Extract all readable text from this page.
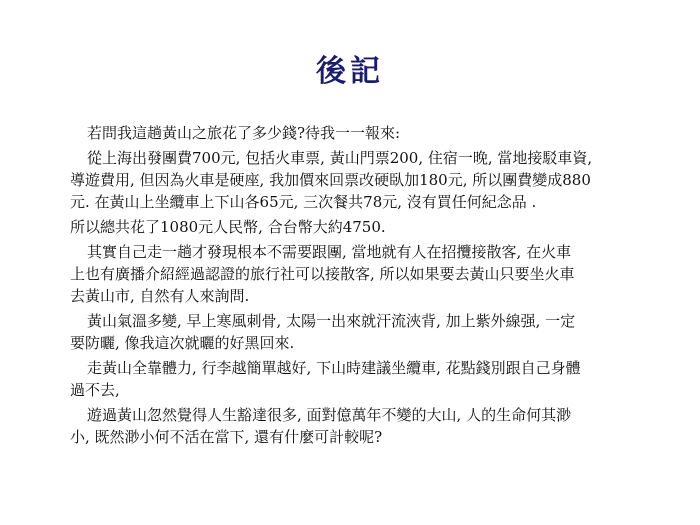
後記
若問我這趟黃山之旅花了多少錢?待我一一報來:
從上海出發團費700元, 包括火車票, 黃山門票200, 住宿一晚, 當地接駁車資,
導遊費用, 但因為火車是硬座, 我加價來回票改硬臥加180元, 所以團費變成880
元. 在黃山上坐纜車上下山各65元, 三次餐共78元, 沒有買任何紀念品 .
所以總共花了1080元人民幣, 合台幣大約4750.
其實自己走一趟才發現根本不需要跟團, 當地就有人在招攬接散客, 在火車
上也有廣播介紹經過認證的旅行社可以接散客, 所以如果要去黃山只要坐火車
去黃山市, 自然有人來詢問.
黃山氣溫多變, 早上寒風刺骨, 太陽一出來就汗流浹背, 加上紫外線强, 一定
要防曬, 像我這次就曬的好黑回來.
走黃山全靠體力, 行李越簡單越好, 下山時建議坐纜車, 花點錢別跟自己身體
過不去,
遊過黃山忽然覺得人生豁達很多, 面對億萬年不變的大山, 人的生命何其渺
小, 既然渺小何不活在當下, 還有什麼可計較呢?
